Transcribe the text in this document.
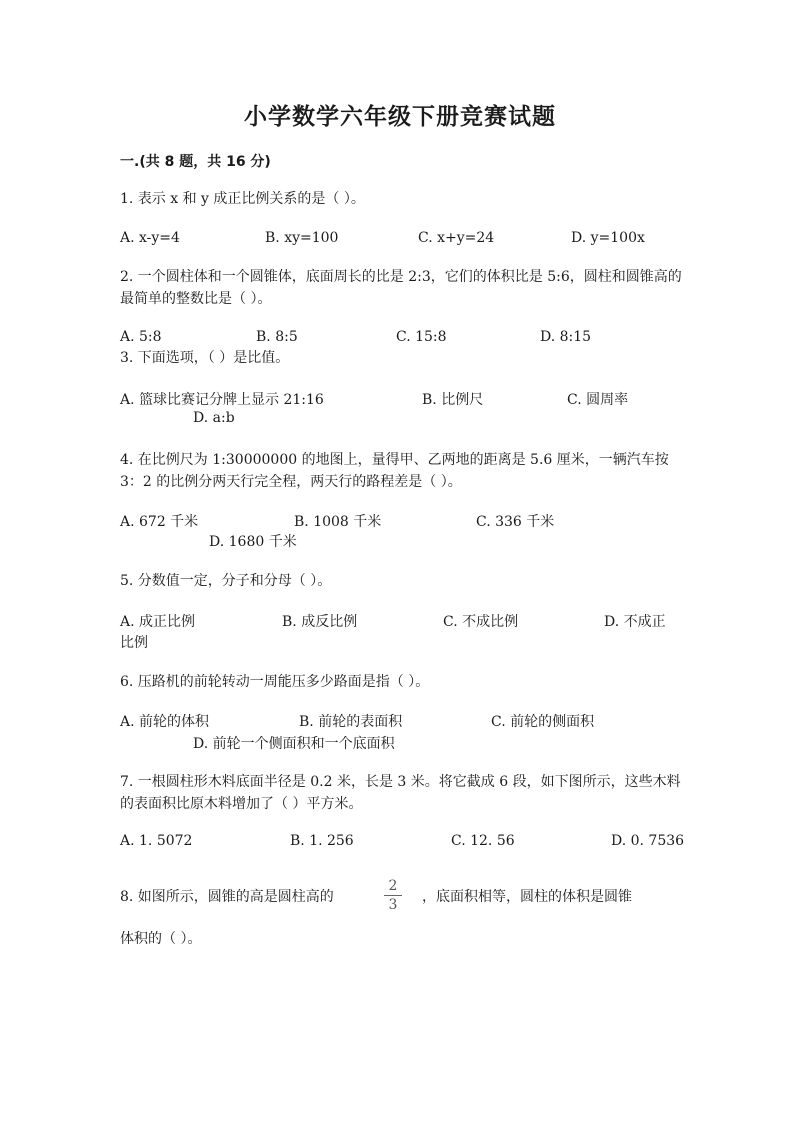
小学数学六年级下册竞赛试题
一.(共 8 题，共 16 分)
1. 表示 x 和 y 成正比例关系的是（ ）。
A. x-y=4	B. xy=100	C. x+y=24	D. y=100x
2. 一个圆柱体和一个圆锥体，底面周长的比是 2:3，它们的体积比是 5:6，圆柱和圆锥高的最简单的整数比是（ ）。
A. 5:8	B. 8:5	C. 15:8	D. 8:15
3. 下面选项，（ ）是比值。
A. 篮球比赛记分牌上显示 21:16	B. 比例尺	C. 圆周率
D. a:b
4. 在比例尺为 1:30000000 的地图上，量得甲、乙两地的距离是 5.6 厘米，一辆汽车按 3：2 的比例分两天行完全程，两天行的路程差是（ ）。
A. 672 千米	B. 1008 千米	C. 336 千米
D. 1680 千米
5. 分数值一定，分子和分母（ ）。
A. 成正比例	B. 成反比例	C. 不成比例	D. 不成正
比例
6. 压路机的前轮转动一周能压多少路面是指（ ）。
A. 前轮的体积	B. 前轮的表面积	C. 前轮的侧面积
D. 前轮一个侧面积和一个底面积
7. 一根圆柱形木料底面半径是 0.2 米，长是 3 米。将它截成 6 段，如下图所示，这些木料的表面积比原木料增加了（ ）平方米。
A. 1. 5072	B. 1. 256	C. 12. 56	D. 0. 7536
8. 如图所示，圆锥的高是圆柱高的
2
3	，底面积相等，圆柱的体积是圆锥
体积的（ ）。
